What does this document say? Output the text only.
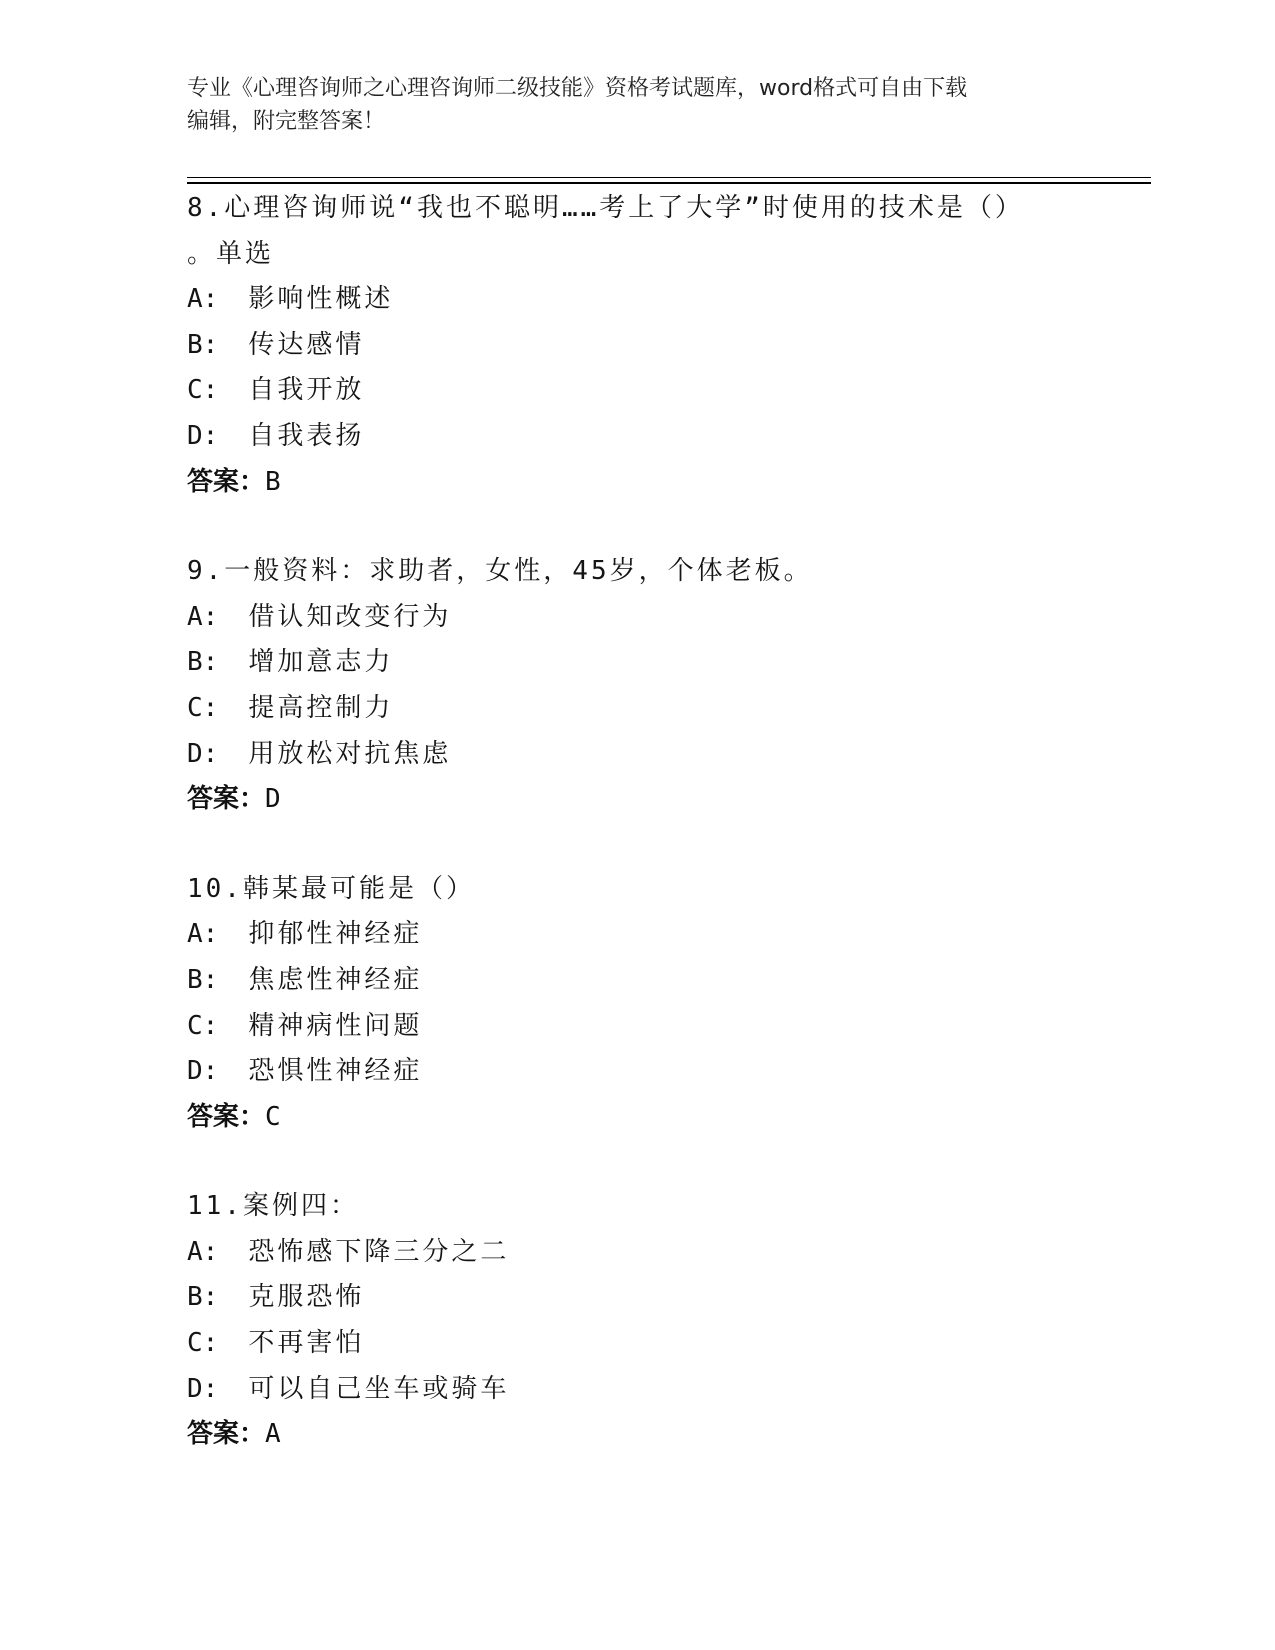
专业《心理咨询师之心理咨询师二级技能》资格考试题库，word格式可自由下载
编辑，附完整答案！
8.心理咨询师说“我也不聪明……考上了大学”时使用的技术是（）
。单选
A: 影响性概述
B: 传达感情
C: 自我开放
D: 自我表扬
答案：B
9.一般资料：求助者，女性，45岁，个体老板。
A: 借认知改变行为
B: 增加意志力
C: 提高控制力
D: 用放松对抗焦虑
答案：D
10.韩某最可能是（）
A: 抑郁性神经症
B: 焦虑性神经症
C: 精神病性问题
D: 恐惧性神经症
答案：C
11.案例四：
A: 恐怖感下降三分之二
B: 克服恐怖
C: 不再害怕
D: 可以自己坐车或骑车
答案：A
